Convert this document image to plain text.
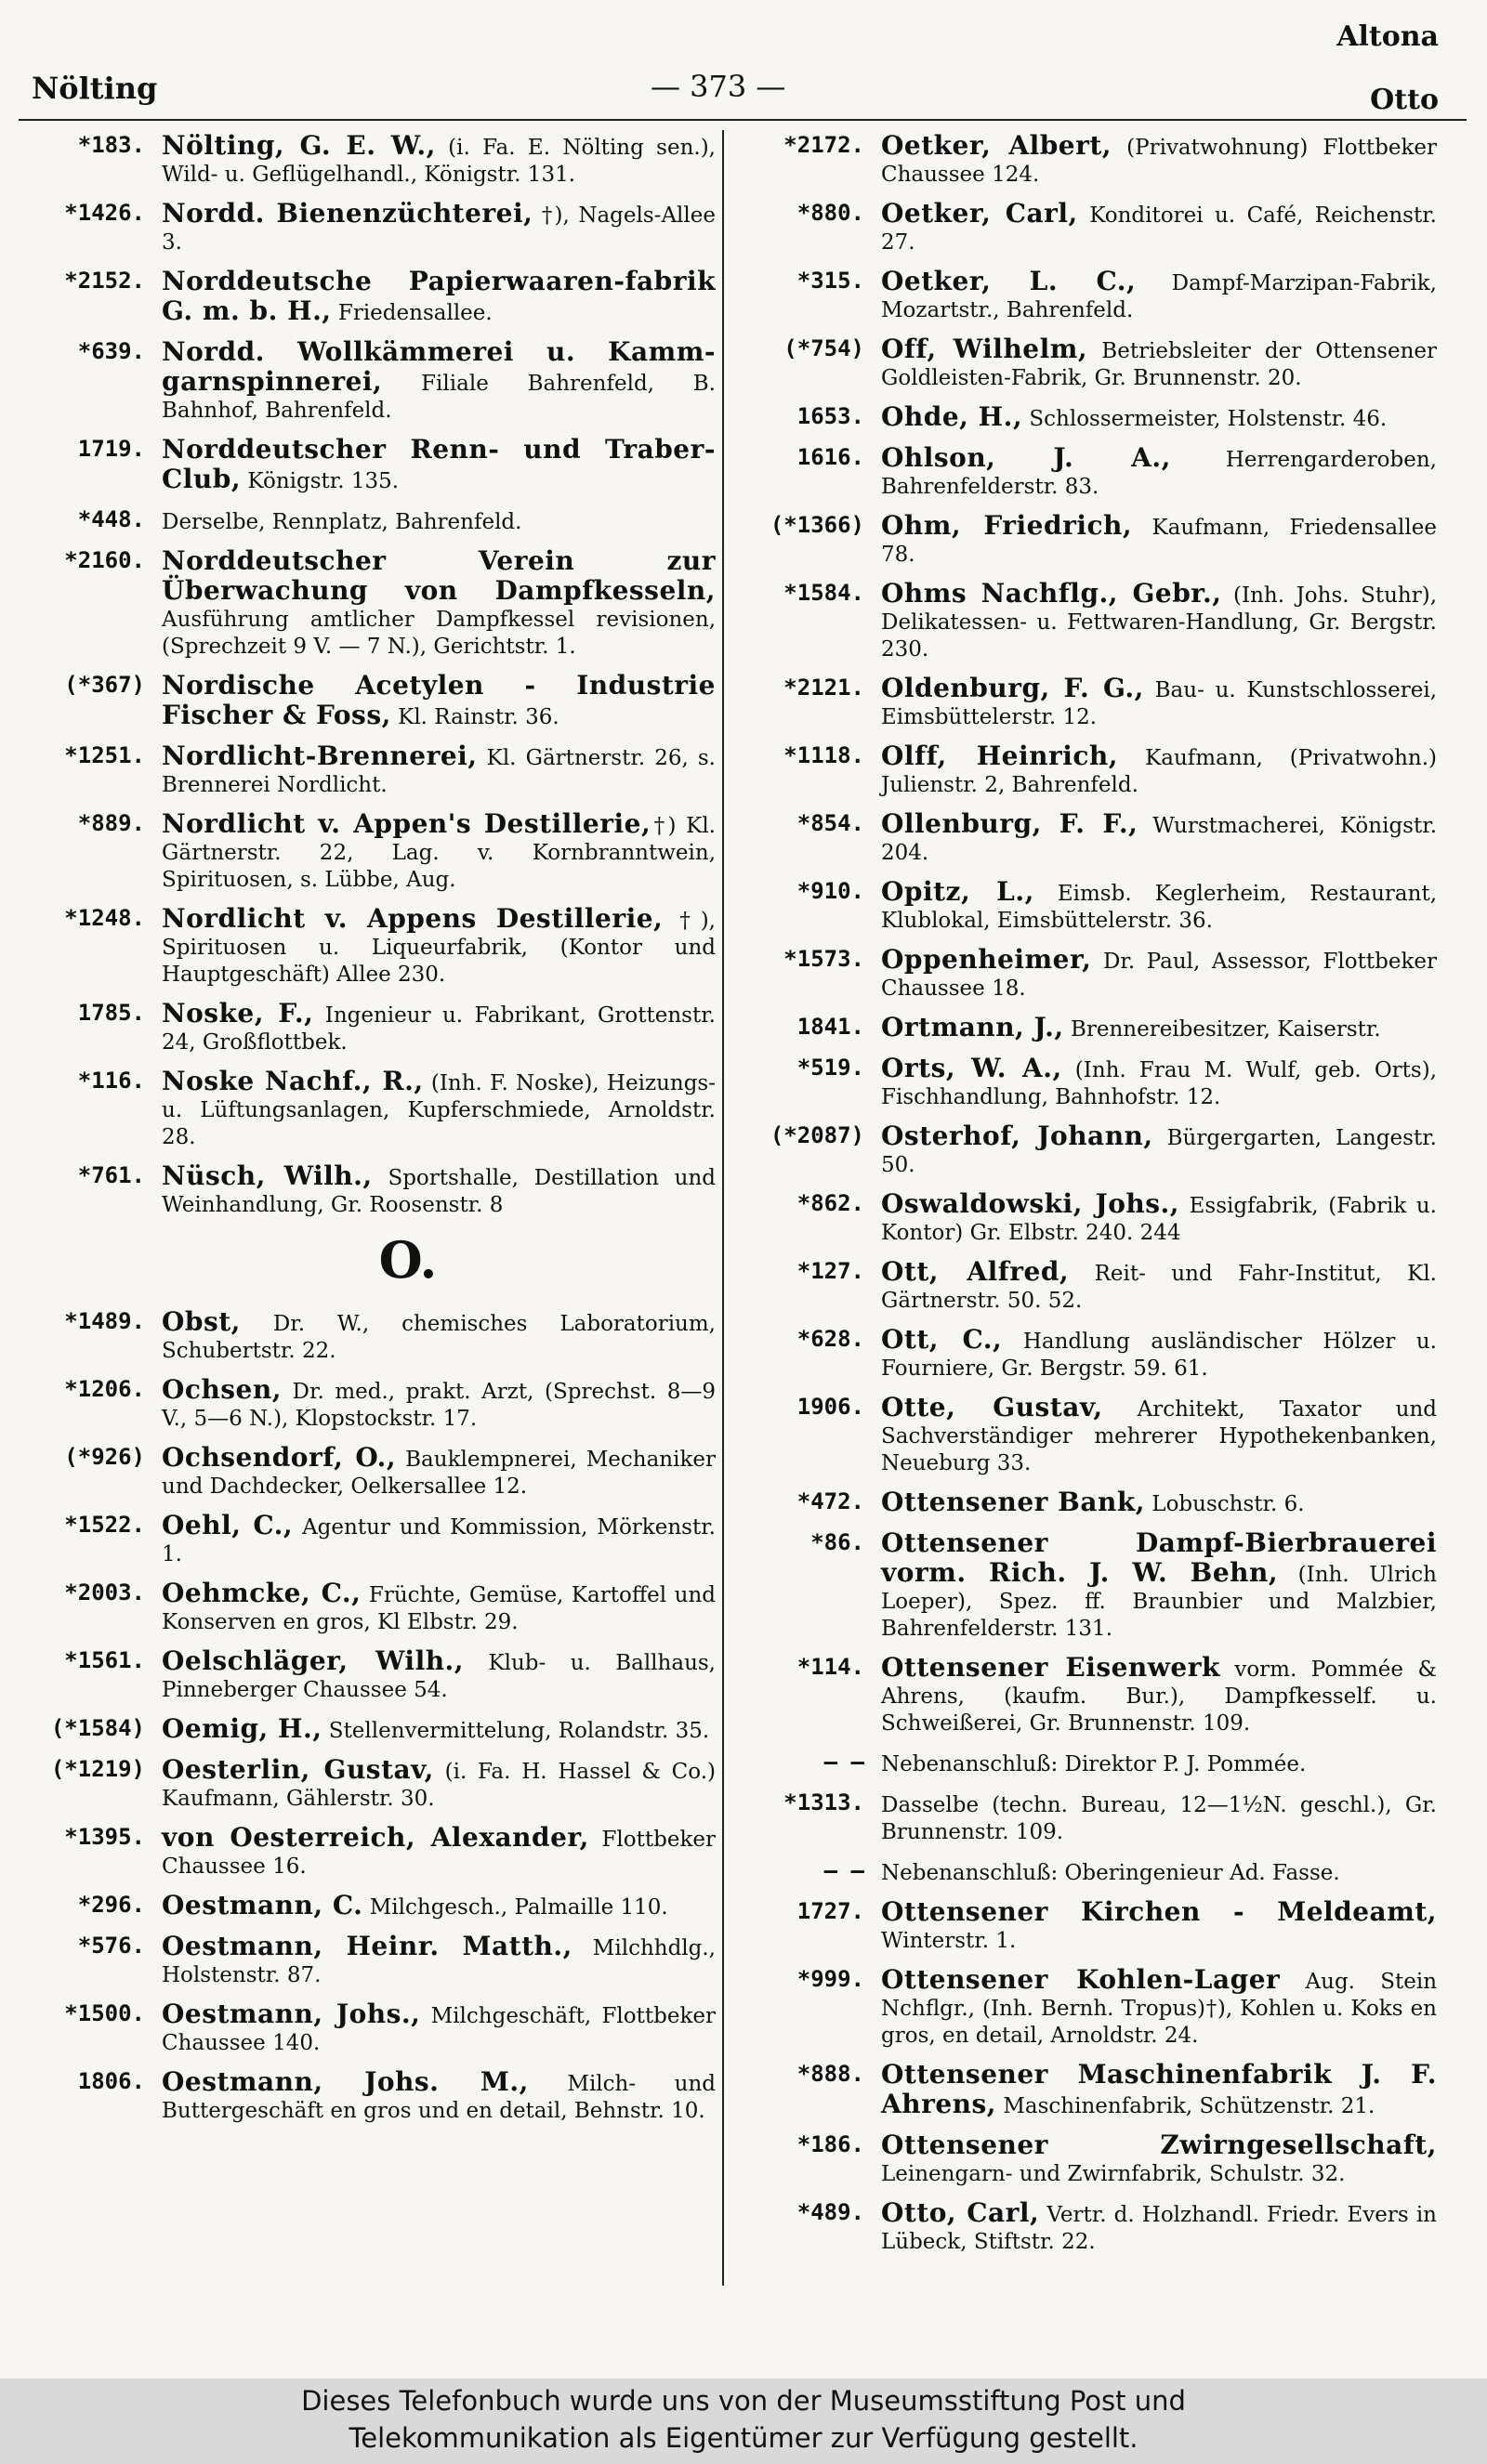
Altona
Nölting	— 373 —	Otto
*183. Nölting, G. E. W., (i. Fa. E. Nölting sen.), Wild- u. Geflügelhandl., Königstr. 131.
*1426. Nordd. Bienenzüchterei, †), Nagels-Allee 3.
*2152. Norddeutsche Papierwaaren-fabrik G. m. b. H., Friedensallee.
*639. Nordd. Wollkämmerei u. Kamm-garnspinnerei, Filiale Bahrenfeld, B. Bahnhof, Bahrenfeld.
1719. Norddeutscher Renn- und Traber-Club, Königstr. 135.
*448. Derselbe, Rennplatz, Bahrenfeld.
*2160. Norddeutscher Verein zur Überwachung von Dampfkesseln, Ausführung amtlicher Dampfkessel revisionen, (Sprechzeit 9 V. — 7 N.), Gerichtstr. 1.
(*367) Nordische Acetylen - Industrie Fischer & Foss, Kl. Rainstr. 36.
*1251. Nordlicht-Brennerei, Kl. Gärtnerstr. 26, s. Brennerei Nordlicht.
*889. Nordlicht v. Appen's Destillerie,†) Kl. Gärtnerstr. 22, Lag. v. Kornbranntwein, Spirituosen, s. Lübbe, Aug.
*1248. Nordlicht v. Appens Destillerie, †), Spirituosen u. Liqueurfabrik, (Kontor und Hauptgeschäft) Allee 230.
1785. Noske, F., Ingenieur u. Fabrikant, Grottenstr. 24, Großflottbek.
*116. Noske Nachf., R., (Inh. F. Noske), Heizungs- u. Lüftungsanlagen, Kupferschmiede, Arnoldstr. 28.
*761. Nüsch, Wilh., Sportshalle, Destillation und Weinhandlung, Gr. Roosenstr. 8
O.
*1489. Obst, Dr. W., chemisches Laboratorium, Schubertstr. 22.
*1206. Ochsen, Dr. med., prakt. Arzt, (Sprechst. 8—9 V., 5—6 N.), Klopstockstr. 17.
(*926) Ochsendorf, O., Bauklempnerei, Mechaniker und Dachdecker, Oelkersallee 12.
*1522. Oehl, C., Agentur und Kommission, Mörkenstr. 1.
*2003. Oehmcke, C., Früchte, Gemüse, Kartoffel und Konserven en gros, Kl Elbstr. 29.
*1561. Oelschläger, Wilh., Klub- u. Ballhaus, Pinneberger Chaussee 54.
(*1584) Oemig, H., Stellenvermittelung, Rolandstr. 35.
(*1219) Oesterlin, Gustav, (i. Fa. H. Hassel & Co.) Kaufmann, Gählerstr. 30.
*1395. von Oesterreich, Alexander, Flottbeker Chaussee 16.
*296. Oestmann, C. Milchgesch., Palmaille 110.
*576. Oestmann, Heinr. Matth., Milchhdlg., Holstenstr. 87.
*1500. Oestmann, Johs., Milchgeschäft, Flottbeker Chaussee 140.
1806. Oestmann, Johs. M., Milch- und Buttergeschäft en gros und en detail, Behnstr. 10.
*2172. Oetker, Albert, (Privatwohnung) Flottbeker Chaussee 124.
*880. Oetker, Carl, Konditorei u. Café, Reichenstr. 27.
*315. Oetker, L. C., Dampf-Marzipan-Fabrik, Mozartstr., Bahrenfeld.
(*754) Off, Wilhelm, Betriebsleiter der Ottensener Goldleisten-Fabrik, Gr. Brunnenstr. 20.
1653. Ohde, H., Schlossermeister, Holstenstr. 46.
1616. Ohlson, J. A., Herrengarderoben, Bahrenfelderstr. 83.
(*1366) Ohm, Friedrich, Kaufmann, Friedensallee 78.
*1584. Ohms Nachflg., Gebr., (Inh. Johs. Stuhr), Delikatessen- u. Fettwaren-Handlung, Gr. Bergstr. 230.
*2121. Oldenburg, F. G., Bau- u. Kunstschlosserei, Eimsbüttelerstr. 12.
*1118. Olff, Heinrich, Kaufmann, (Privatwohn.) Julienstr. 2, Bahrenfeld.
*854. Ollenburg, F. F., Wurstmacherei, Königstr. 204.
*910. Opitz, L., Eimsb. Keglerheim, Restaurant, Klublokal, Eimsbüttelerstr. 36.
*1573. Oppenheimer, Dr. Paul, Assessor, Flottbeker Chaussee 18.
1841. Ortmann, J., Brennereibesitzer, Kaiserstr.
*519. Orts, W. A., (Inh. Frau M. Wulf, geb. Orts), Fischhandlung, Bahnhofstr. 12.
(*2087) Osterhof, Johann, Bürgergarten, Langestr. 50.
*862. Oswaldowski, Johs., Essigfabrik, (Fabrik u. Kontor) Gr. Elbstr. 240. 244
*127. Ott, Alfred, Reit- und Fahr-Institut, Kl. Gärtnerstr. 50. 52.
*628. Ott, C., Handlung ausländischer Hölzer u. Fourniere, Gr. Bergstr. 59. 61.
1906. Otte, Gustav, Architekt, Taxator und Sachverständiger mehrerer Hypothekenbanken, Neueburg 33.
*472. Ottensener Bank, Lobuschstr. 6.
*86. Ottensener Dampf-Bierbrauerei vorm. Rich. J. W. Behn, (Inh. Ulrich Loeper), Spez. ff. Braunbier und Malzbier, Bahrenfelderstr. 131.
*114. Ottensener Eisenwerk vorm. Pommée & Ahrens, (kaufm. Bur.), Dampfkesself. u. Schweißerei, Gr. Brunnenstr. 109.
— — Nebenanschluß: Direktor P. J. Pommée.
*1313. Dasselbe (techn. Bureau, 12—1½N. geschl.), Gr. Brunnenstr. 109.
— — Nebenanschluß: Oberingenieur Ad. Fasse.
1727. Ottensener Kirchen - Meldeamt, Winterstr. 1.
*999. Ottensener Kohlen-Lager Aug. Stein Nchflgr., (Inh. Bernh. Tropus)†), Kohlen u. Koks en gros, en detail, Arnoldstr. 24.
*888. Ottensener Maschinenfabrik J. F. Ahrens, Maschinenfabrik, Schützenstr. 21.
*186. Ottensener Zwirngesellschaft, Leinengarn- und Zwirnfabrik, Schulstr. 32.
*489. Otto, Carl, Vertr. d. Holzhandl. Friedr. Evers in Lübeck, Stiftstr. 22.
Dieses Telefonbuch wurde uns von der Museumsstiftung Post und
Telekommunikation als Eigentümer zur Verfügung gestellt.
